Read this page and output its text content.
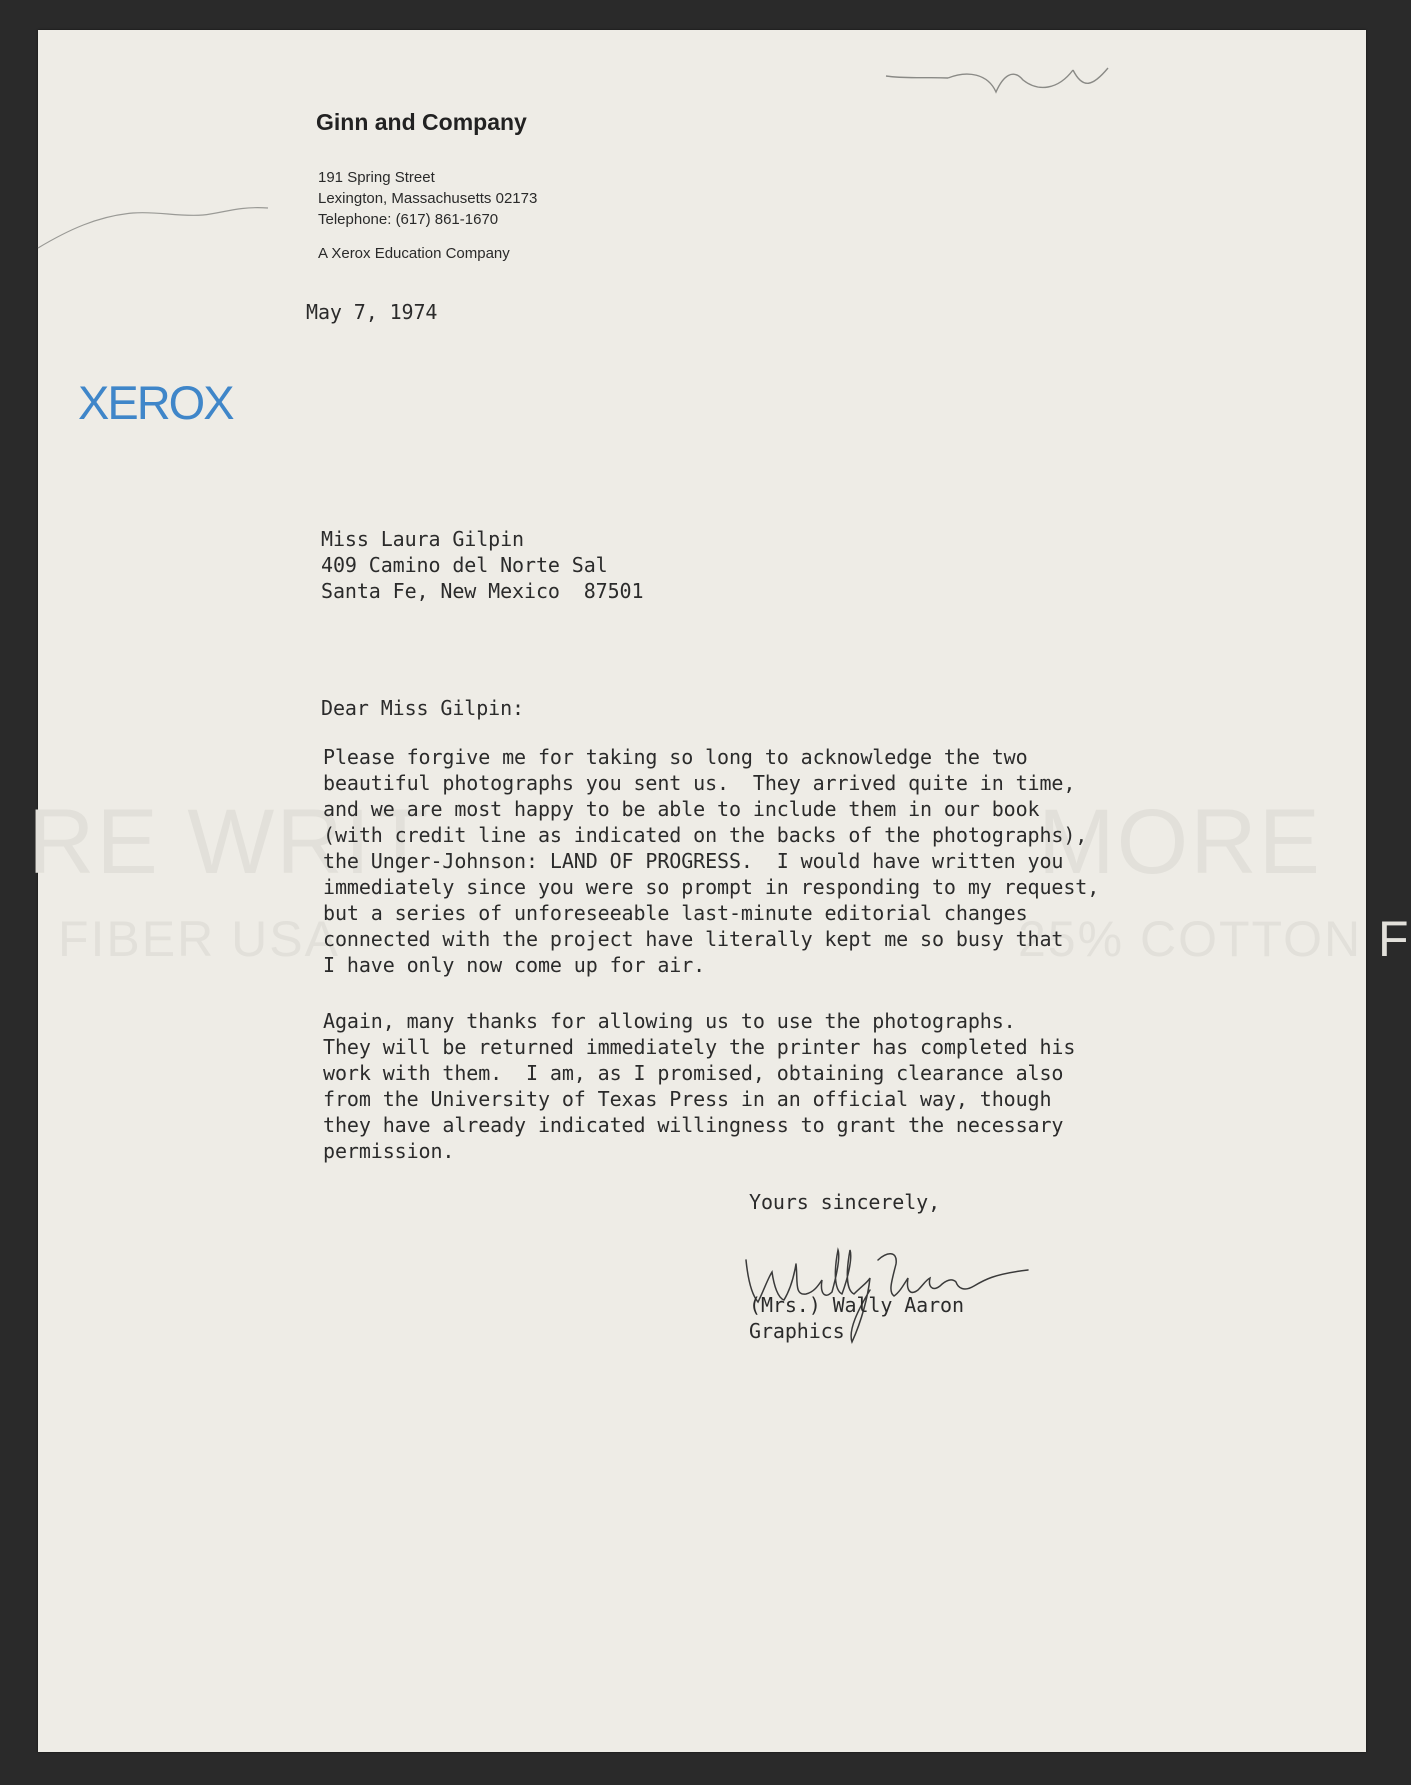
RE WRIT	MORE
FIBER USA	25% COTTON F
Ginn and Company
191 Spring Street
Lexington, Massachusetts 02173
Telephone: (617) 861-1670
A Xerox Education Company
XEROX
May 7, 1974
Miss Laura Gilpin
409 Camino del Norte Sal
Santa Fe, New Mexico  87501
Dear Miss Gilpin:
Please forgive me for taking so long to acknowledge the two
beautiful photographs you sent us.  They arrived quite in time,
and we are most happy to be able to include them in our book
(with credit line as indicated on the backs of the photographs),
the Unger-Johnson: LAND OF PROGRESS.  I would have written you
immediately since you were so prompt in responding to my request,
but a series of unforeseeable last-minute editorial changes
connected with the project have literally kept me so busy that
I have only now come up for air.
Again, many thanks for allowing us to use the photographs.
They will be returned immediately the printer has completed his
work with them.  I am, as I promised, obtaining clearance also
from the University of Texas Press in an official way, though
they have already indicated willingness to grant the necessary
permission.
Yours sincerely,
(Mrs.) Wally Aaron
Graphics
